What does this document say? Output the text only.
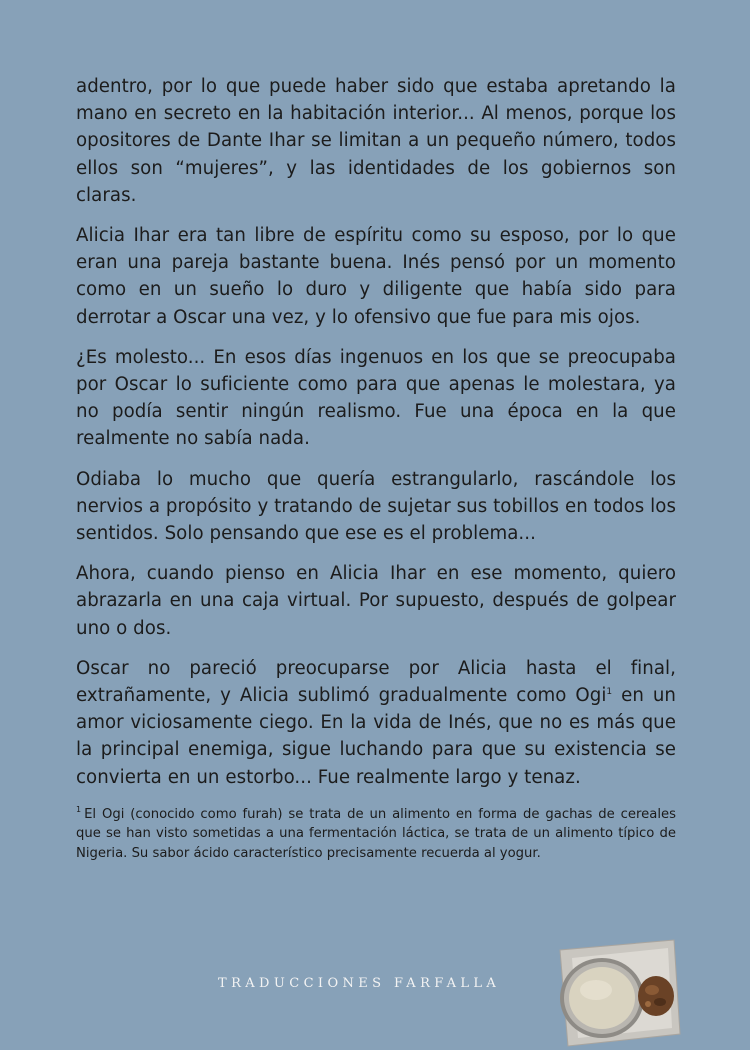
adentro, por lo que puede haber sido que estaba apretando la mano en secreto en la habitación interior... Al menos, porque los opositores de Dante Ihar se limitan a un pequeño número, todos ellos son “mujeres”, y las identidades de los gobiernos son claras.

Alicia Ihar era tan libre de espíritu como su esposo, por lo que eran una pareja bastante buena. Inés pensó por un momento como en un sueño lo duro y diligente que había sido para derrotar a Oscar una vez, y lo ofensivo que fue para mis ojos.

¿Es molesto... En esos días ingenuos en los que se preocupaba por Oscar lo suficiente como para que apenas le molestara, ya no podía sentir ningún realismo. Fue una época en la que realmente no sabía nada.

Odiaba lo mucho que quería estrangularlo, rascándole los nervios a propósito y tratando de sujetar sus tobillos en todos los sentidos. Solo pensando que ese es el problema...

Ahora, cuando pienso en Alicia Ihar en ese momento, quiero abrazarla en una caja virtual. Por supuesto, después de golpear uno o dos.

Oscar no pareció preocuparse por Alicia hasta el final, extrañamente, y Alicia sublimó gradualmente como Ogi$^1$ en un amor viciosamente ciego. En la vida de Inés, que no es más que la principal enemiga, sigue luchando para que su existencia se convierta en un estorbo... Fue realmente largo y tenaz.

$^1$ El Ogi (conocido como furah) se trata de un alimento en forma de gachas de cereales que se han visto sometidas a una fermentación láctica, se trata de un alimento típico de Nigeria. Su sabor ácido característico precisamente recuerda al yogur.
TRADUCCIONES FARFALLA
